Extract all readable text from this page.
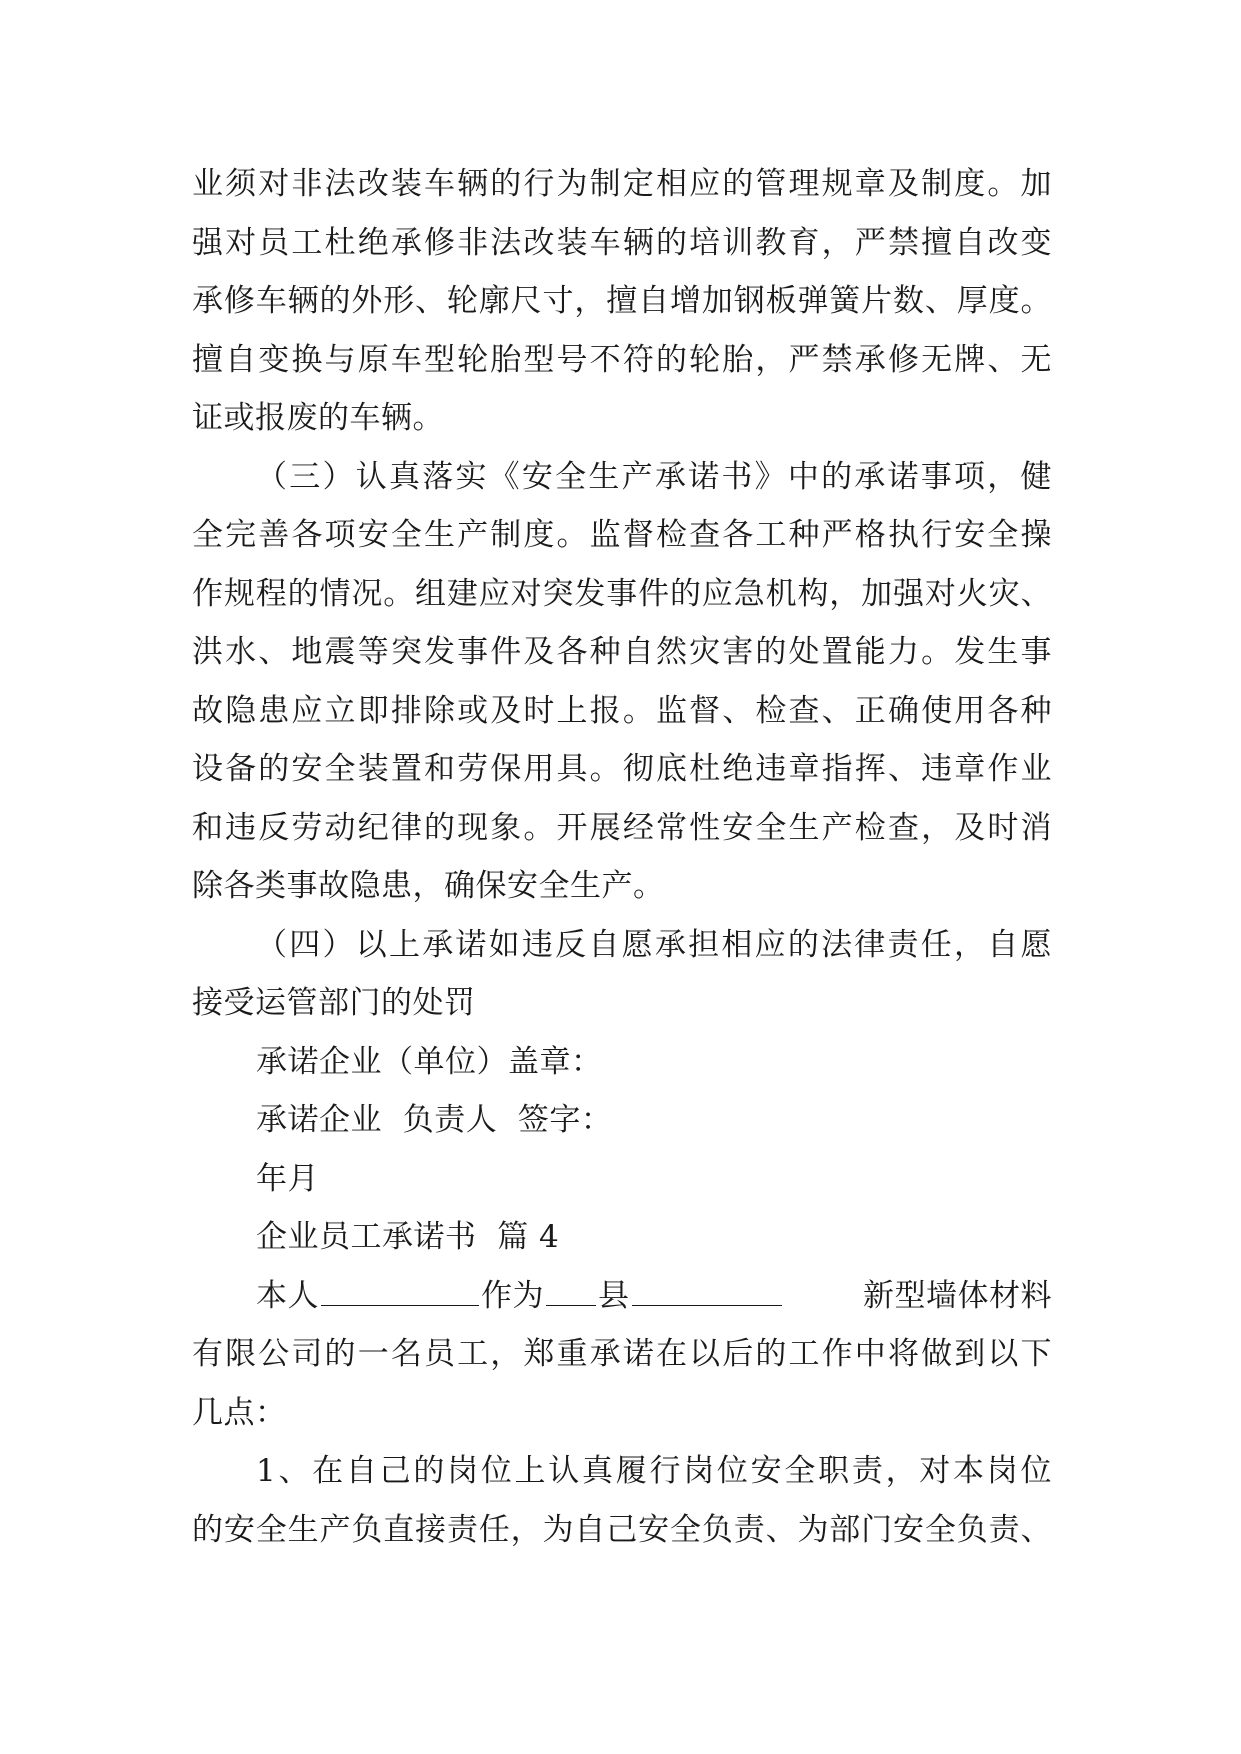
业须对非法改装车辆的行为制定相应的管理规章及制度。加
强对员工杜绝承修非法改装车辆的培训教育，严禁擅自改变
承修车辆的外形、轮廓尺寸，擅自增加钢板弹簧片数、厚度。
擅自变换与原车型轮胎型号不符的轮胎，严禁承修无牌、无
证或报废的车辆。
（三）认真落实《安全生产承诺书》中的承诺事项，健
全完善各项安全生产制度。监督检查各工种严格执行安全操
作规程的情况。组建应对突发事件的应急机构，加强对火灾、
洪水、地震等突发事件及各种自然灾害的处置能力。发生事
故隐患应立即排除或及时上报。监督、检查、正确使用各种
设备的安全装置和劳保用具。彻底杜绝违章指挥、违章作业
和违反劳动纪律的现象。开展经常性安全生产检查，及时消
除各类事故隐患，确保安全生产。
（四）以上承诺如违反自愿承担相应的法律责任，自愿
接受运管部门的处罚
承诺企业（单位）盖章：
承诺企业  负责人  签字：
年月
企业员工承诺书  篇 4
本人	作为 县	新型墙体材料
有限公司的一名员工，郑重承诺在以后的工作中将做到以下
几点：
1、在自己的岗位上认真履行岗位安全职责，对本岗位
的安全生产负直接责任，为自己安全负责、为部门安全负责、
